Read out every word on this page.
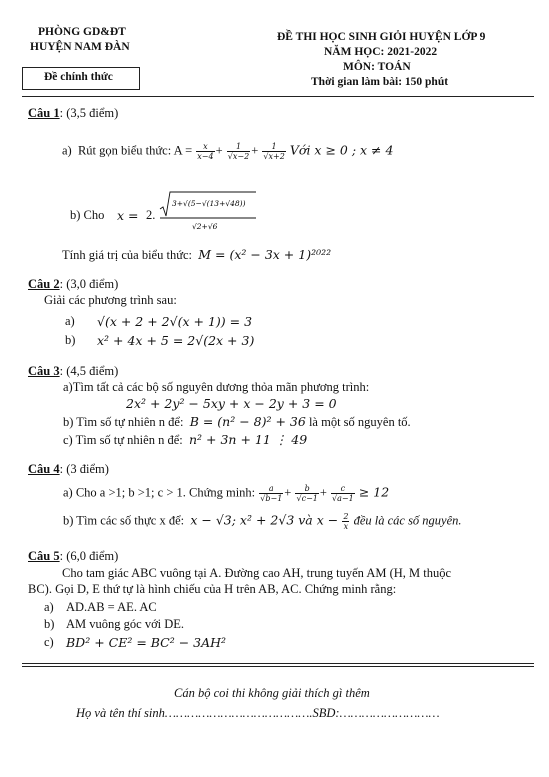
PHÒNG GD&ĐT
HUYỆN NAM ĐÀN
Đề chính thức
ĐỀ THI HỌC SINH GIỎI HUYỆN LỚP 9
NĂM HỌC: 2021-2022
MÔN: TOÁN
Thời gian làm bài: 150 phút
Câu 1: (3,5 điểm)
a) Rút gọn biểu thức: $A = \frac{x}{x-4} + \frac{1}{√x-2} + \frac{1}{√x+2}$ Với x ≥ 0 ; x ≠ 4
b) Cho x = 2.
3+√(5−√(13+√48))
√2+√6
Tính giá trị của biểu thức: M = (x² − 3x + 1)²⁰²²
Câu 2: (3,0 điểm)
Giải các phương trình sau:
a) √(x + 2 + 2√(x + 1)) = 3
b) x² + 4x + 5 = 2√(2x + 3)
Câu 3: (4,5 điểm)
a)Tìm tất cả các bộ số nguyên dương thỏa mãn phương trình:
2x² + 2y² − 5xy + x − 2y + 3 = 0
b) Tìm số tự nhiên n để: B = (n² − 8)² + 36 là một số nguyên tố.
c) Tìm số tự nhiên n để: n² + 3n + 11 ⋮ 49
Câu 4: (3 điểm)
a) Cho a >1; b >1; c > 1. Chứng minh: $\frac{a}{√b-1} + \frac{b}{√c-1} + \frac{c}{√a-1} \ge 12$
b) Tìm các số thực x để: x − √3; x² + 2√3 và $x - \frac{2}{x}$ đều là các số nguyên.
Câu 5: (6,0 điểm)
Cho tam giác ABC vuông tại A. Đường cao AH, trung tuyến AM (H, M thuộc
BC). Gọi D, E thứ tự là hình chiếu của H trên AB, AC. Chứng minh rằng:
a) AD.AB = AE. AC
b) AM vuông góc với DE.
c) BD² + CE² = BC² − 3AH²
Cán bộ coi thi không giải thích gì thêm
Họ và tên thí sinh………………………………….SBD:………………………
